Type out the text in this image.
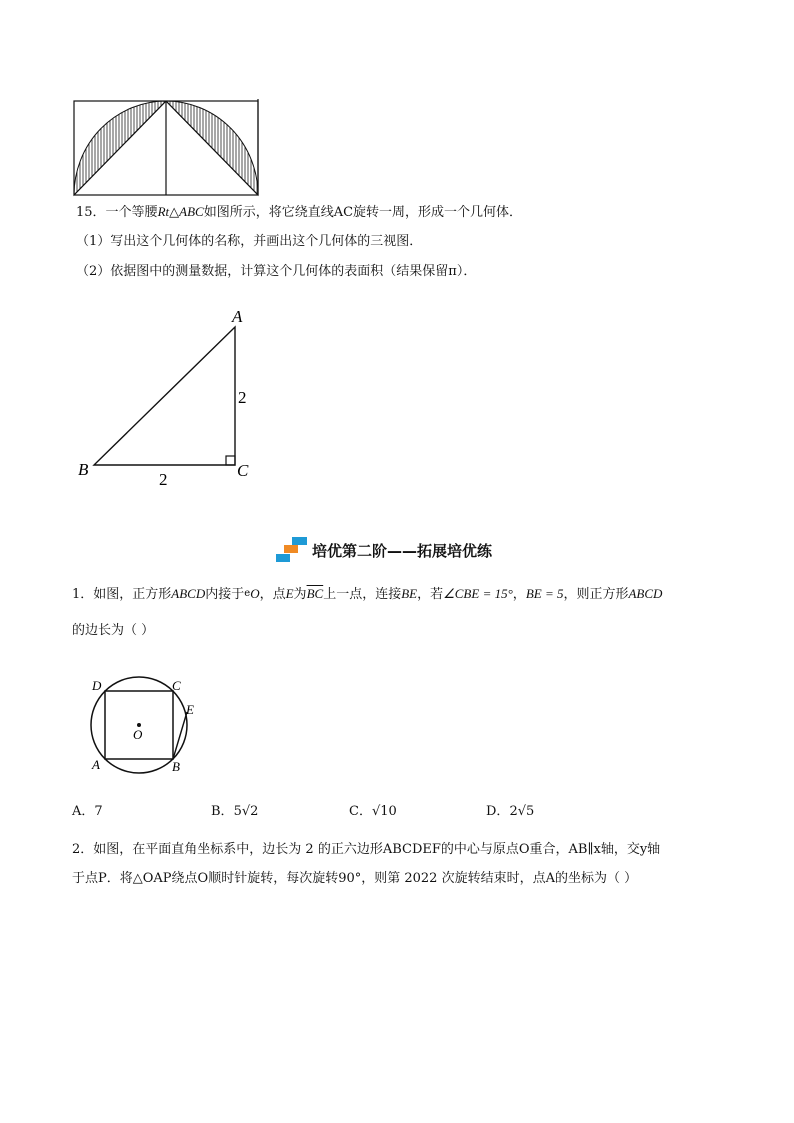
15．一个等腰Rt△ABC如图所示，将它绕直线AC旋转一周，形成一个几何体．
（1）写出这个几何体的名称，并画出这个几何体的三视图．
（2）依据图中的测量数据，计算这个几何体的表面积（结果保留π）．
A
B	C
2
2
培优第二阶——拓展培优练
1．如图，正方形ABCD内接于eO，点E为$\overline{BC}$上一点，连接BE，若∠CBE = 15°，BE = 5，则正方形ABCD
的边长为（ ）
D	C
E
A	B
O
A．7	B．5√2	C．√10	D．2√5
2．如图，在平面直角坐标系中，边长为 2 的正六边形ABCDEF的中心与原点O重合，AB∥x轴，交y轴
于点P．将△OAP绕点O顺时针旋转，每次旋转90°，则第 2022 次旋转结束时，点A的坐标为（ ）
